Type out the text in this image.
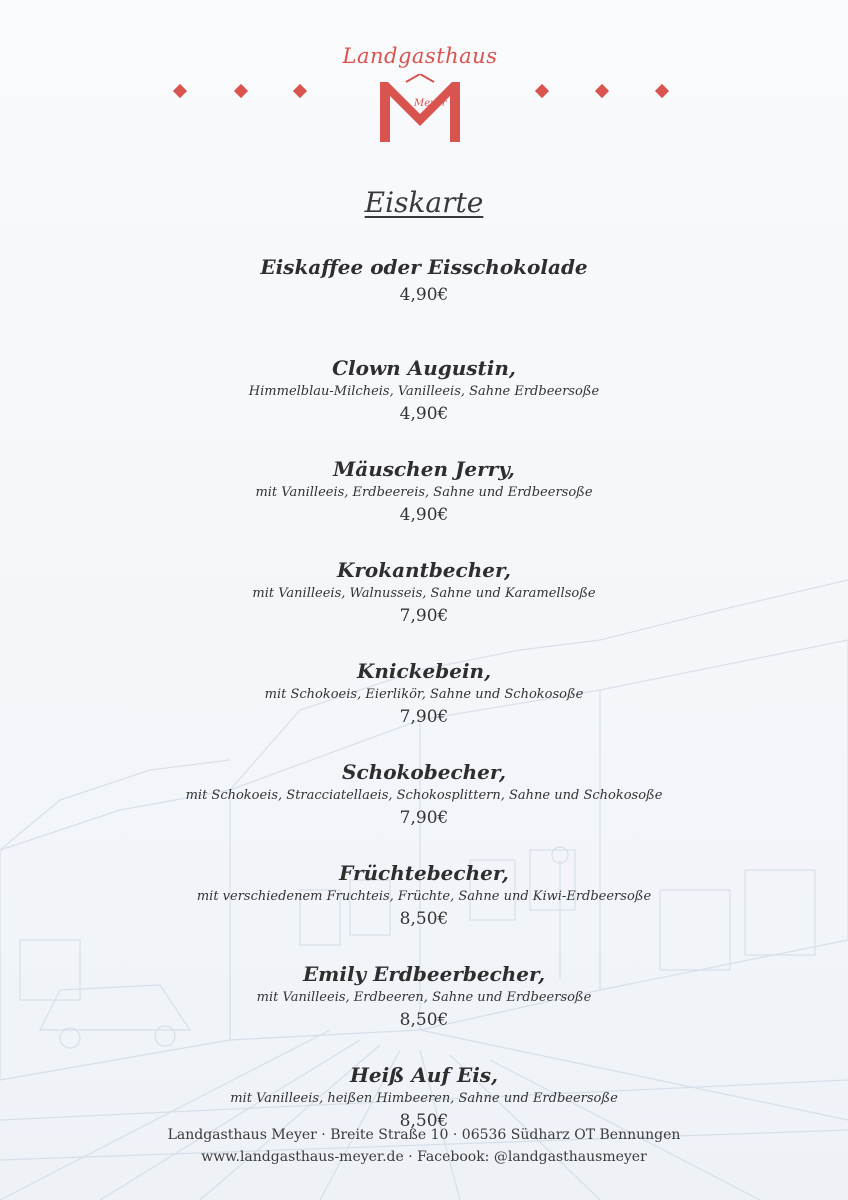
Landgasthaus
Meyer
Eiskarte
Eiskaffee oder Eisschokolade
4,90€
Clown Augustin,
Himmelblau-Milcheis, Vanilleeis, Sahne Erdbeersoße
4,90€
Mäuschen Jerry,
mit Vanilleeis, Erdbeereis, Sahne und Erdbeersoße
4,90€
Krokantbecher,
mit Vanilleeis, Walnusseis, Sahne und Karamellsoße
7,90€
Knickebein,
mit Schokoeis, Eierlikör, Sahne und Schokosoße
7,90€
Schokobecher,
mit Schokoeis, Stracciatellaeis, Schokosplittern, Sahne und Schokosoße
7,90€
Früchtebecher,
mit verschiedenem Fruchteis, Früchte, Sahne und Kiwi-Erdbeersoße
8,50€
Emily Erdbeerbecher,
mit Vanilleeis, Erdbeeren, Sahne und Erdbeersoße
8,50€
Heiß Auf Eis,
mit Vanilleeis, heißen Himbeeren, Sahne und Erdbeersoße
8,50€
Landgasthaus Meyer · Breite Straße 10 · 06536 Südharz OT Bennungen
www.landgasthaus-meyer.de · Facebook: @landgasthausmeyer
